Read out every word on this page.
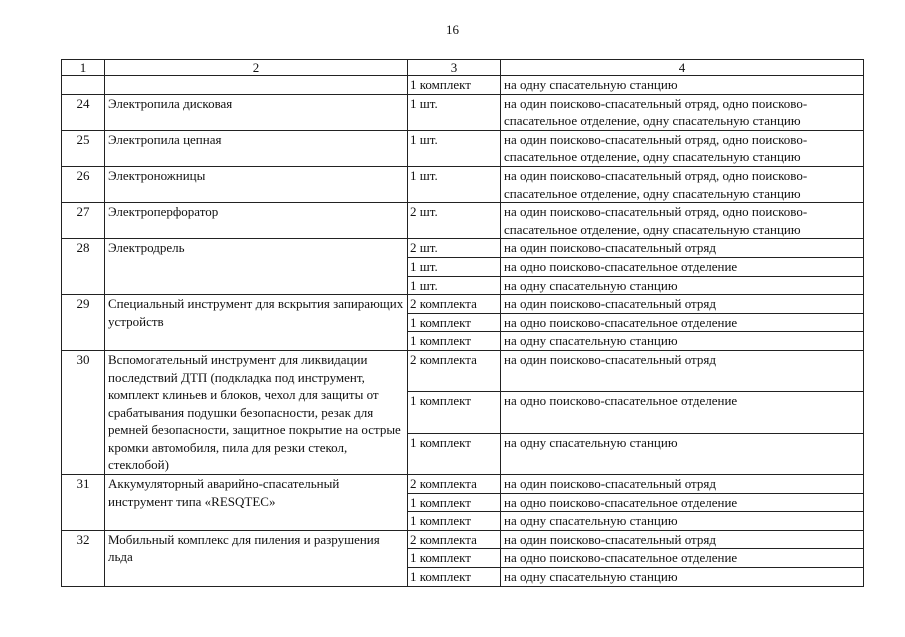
16
1	2	3	4
		1 комплект	на одну спасательную станцию
24	Электропила дисковая	1 шт.	на один поисково-спасательный отряд, одно поисково-спасательное отделение, одну спасательную станцию
25	Электропила цепная	1 шт.	на один поисково-спасательный отряд, одно поисково-спасательное отделение, одну спасательную станцию
26	Электроножницы	1 шт.	на один поисково-спасательный отряд, одно поисково-спасательное отделение, одну спасательную станцию
27	Электроперфоратор	2 шт.	на один поисково-спасательный отряд, одно поисково-спасательное отделение, одну спасательную станцию
28	Электродрель	2 шт.	на один поисково-спасательный отряд
		1 шт.	на одно поисково-спасательное отделение
		1 шт.	на одну спасательную станцию
29	Специальный инструмент для вскрытия запирающих устройств	2 комплекта	на один поисково-спасательный отряд
		1 комплект	на одно поисково-спасательное отделение
		1 комплект	на одну спасательную станцию
30	Вспомогательный инструмент для ликвидации последствий ДТП (подкладка под инструмент, комплект клиньев и блоков, чехол для защиты от срабатывания подушки безопасности, резак для ремней безопасности, защитное покрытие на острые кромки автомобиля, пила для резки стекол, стеклобой)	2 комплекта	на один поисково-спасательный отряд
		1 комплект	на одно поисково-спасательное отделение
		1 комплект	на одну спасательную станцию
31	Аккумуляторный аварийно-спасательный инструмент типа «RESQTEC»	2 комплекта	на один поисково-спасательный отряд
		1 комплект	на одно поисково-спасательное отделение
		1 комплект	на одну спасательную станцию
32	Мобильный комплекс для пиления и разрушения льда	2 комплекта	на один поисково-спасательный отряд
		1 комплект	на одно поисково-спасательное отделение
		1 комплект	на одну спасательную станцию
